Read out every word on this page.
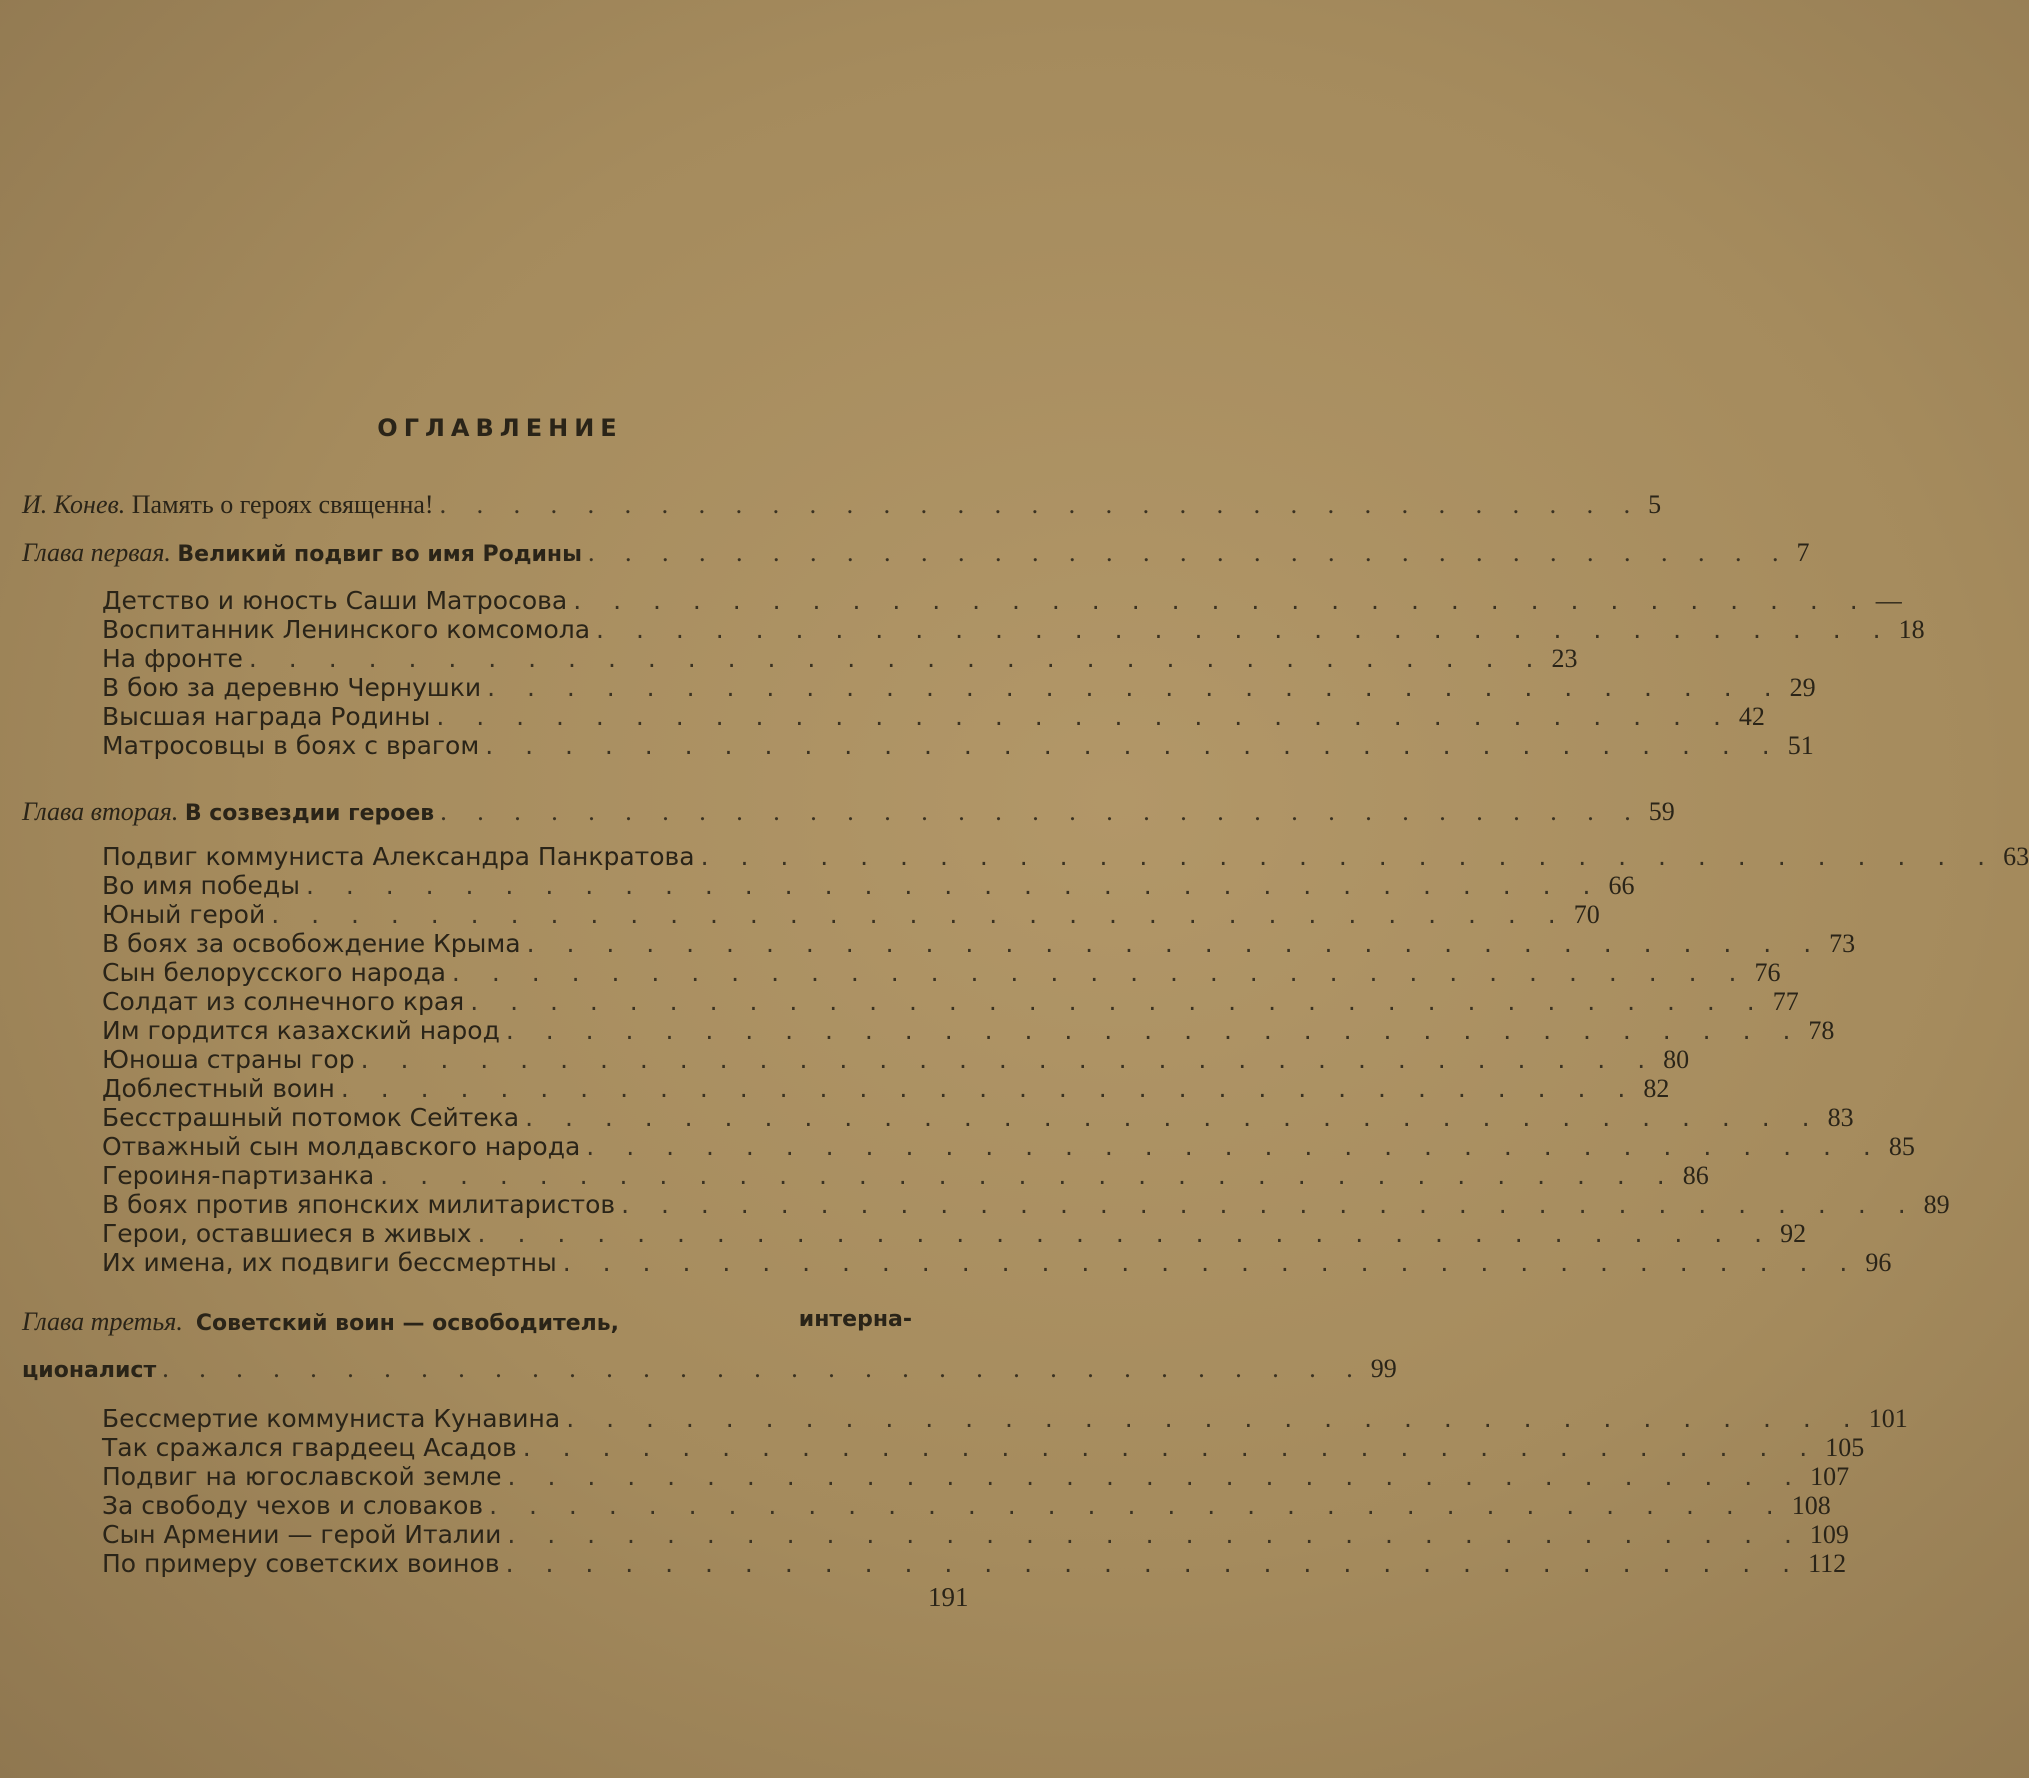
ОГЛАВЛЕНИЕ
И. Конев. Память о героях священна! . . . . . . . . . . . . . . . . . . . . . . . . . . . . . . . . . 5
Глава первая. Великий подвиг во имя Родины . . . . . . . . . . . . . . . . . . . . . . . . . . . . . . . . . 7
Детство и юность Саши Матросова . . . . . . . . . . . . . . . . . . . . . . . . . . . . . . . . . —
Воспитанник Ленинского комсомола . . . . . . . . . . . . . . . . . . . . . . . . . . . . . . . . . 18
На фронте . . . . . . . . . . . . . . . . . . . . . . . . . . . . . . . . . 23
В бою за деревню Чернушки . . . . . . . . . . . . . . . . . . . . . . . . . . . . . . . . . 29
Высшая награда Родины . . . . . . . . . . . . . . . . . . . . . . . . . . . . . . . . . 42
Матросовцы в боях с врагом . . . . . . . . . . . . . . . . . . . . . . . . . . . . . . . . . 51
Глава вторая. В созвездии героев . . . . . . . . . . . . . . . . . . . . . . . . . . . . . . . . . 59
Подвиг коммуниста Александра Панкратова . . . . . . . . . . . . . . . . . . . . . . . . . . . . . . . . . 63
Во имя победы . . . . . . . . . . . . . . . . . . . . . . . . . . . . . . . . . 66
Юный герой . . . . . . . . . . . . . . . . . . . . . . . . . . . . . . . . . 70
В боях за освобождение Крыма . . . . . . . . . . . . . . . . . . . . . . . . . . . . . . . . . 73
Сын белорусского народа . . . . . . . . . . . . . . . . . . . . . . . . . . . . . . . . . 76
Солдат из солнечного края . . . . . . . . . . . . . . . . . . . . . . . . . . . . . . . . . 77
Им гордится казахский народ . . . . . . . . . . . . . . . . . . . . . . . . . . . . . . . . . 78
Юноша страны гор . . . . . . . . . . . . . . . . . . . . . . . . . . . . . . . . . 80
Доблестный воин . . . . . . . . . . . . . . . . . . . . . . . . . . . . . . . . . 82
Бесстрашный потомок Сейтека . . . . . . . . . . . . . . . . . . . . . . . . . . . . . . . . . 83
Отважный сын молдавского народа . . . . . . . . . . . . . . . . . . . . . . . . . . . . . . . . . 85
Героиня-партизанка . . . . . . . . . . . . . . . . . . . . . . . . . . . . . . . . . 86
В боях против японских милитаристов . . . . . . . . . . . . . . . . . . . . . . . . . . . . . . . . . 89
Герои, оставшиеся в живых . . . . . . . . . . . . . . . . . . . . . . . . . . . . . . . . . 92
Их имена, их подвиги бессмертны . . . . . . . . . . . . . . . . . . . . . . . . . . . . . . . . . 96
Глава третья. Советский воин — освободитель,	интерна-
ционалист . . . . . . . . . . . . . . . . . . . . . . . . . . . . . . . . . 99
Бессмертие коммуниста Кунавина . . . . . . . . . . . . . . . . . . . . . . . . . . . . . . . . . 101
Так сражался гвардеец Асадов . . . . . . . . . . . . . . . . . . . . . . . . . . . . . . . . . 105
Подвиг на югославской земле . . . . . . . . . . . . . . . . . . . . . . . . . . . . . . . . . 107
За свободу чехов и словаков . . . . . . . . . . . . . . . . . . . . . . . . . . . . . . . . . 108
Сын Армении — герой Италии . . . . . . . . . . . . . . . . . . . . . . . . . . . . . . . . . 109
По примеру советских воинов . . . . . . . . . . . . . . . . . . . . . . . . . . . . . . . . . 112
191
